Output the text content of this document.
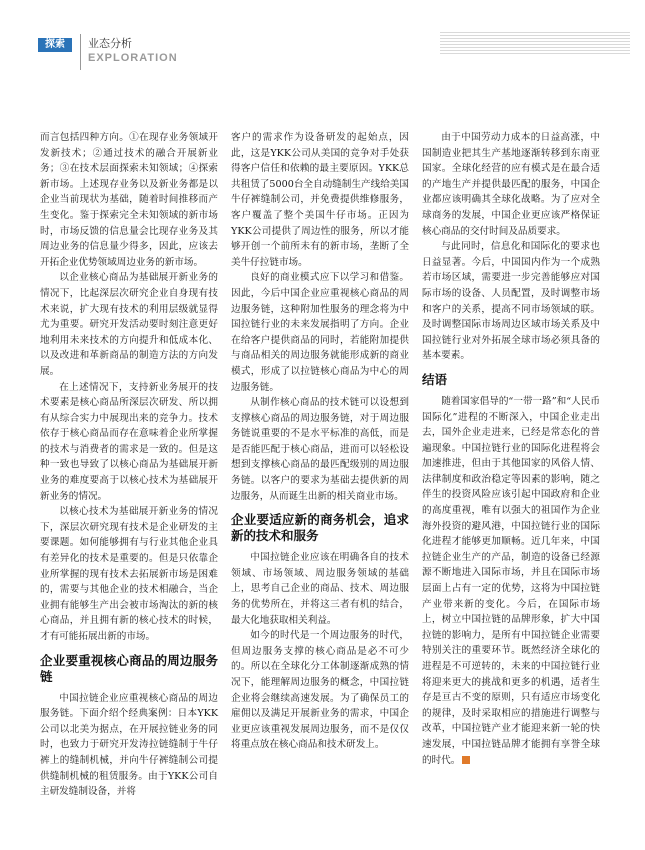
探索	业态分析
EXPLORATION

而言包括四种方向。①在现存业务领域开发新技术；②通过技术的融合开展新业务；③在技术层面探索未知领域；④探索新市场。上述现存业务以及新业务都是以企业当前现状为基础，随着时间推移而产生变化。鉴于探索完全未知领域的新市场时，市场反馈的信息量会比现存业务及其周边业务的信息量少得多，因此，应该去开拓企业优势领域周边业务的新市场。

以企业核心商品为基础展开新业务的情况下，比起深层次研究企业自身现有技术来说，扩大现有技术的利用层级就显得尤为重要。研究开发活动要时刻注意更好地利用未来技术的方向提升和低成本化、以及改进和革新商品的制造方法的方向发展。

在上述情况下，支持新业务展开的技术要素是核心商品所深层次研发、所以拥有从综合实力中展现出来的竞争力。技术依存于核心商品而存在意味着企业所掌握的技术与消费者的需求是一致的。但是这种一致也导致了以核心商品为基础展开新业务的难度要高于以核心技术为基础展开新业务的情况。

以核心技术为基础展开新业务的情况下，深层次研究现有技术是企业研发的主要课题。如何能够拥有与行业其他企业具有差异化的技术是重要的。但是只依靠企业所掌握的现有技术去拓展新市场是困难的，需要与其他企业的技术相融合，当企业拥有能够生产出会被市场淘汰的新的核心商品，并且拥有新的核心技术的时候，才有可能拓展出新的市场。

企业要重视核心商品的周边服务链

中国拉链企业应重视核心商品的周边服务链。下面介绍个经典案例：日本YKK公司以北美为据点，在开展拉链业务的同时，也致力于研究开发涛拉链缝制于牛仔裤上的缝制机械，并向牛仔裤缝制公司提供缝制机械的租赁服务。由于YKK公司自主研发缝制设备，并将

客户的需求作为设备研发的起始点，因此，这是YKK公司从美国的竞争对手处获得客户信任和依赖的最主要原因。YKK总共租赁了5000台全自动缝制生产线给美国牛仔裤缝制公司，并免费提供维修服务，客户覆盖了整个美国牛仔市场。正因为YKK公司提供了周边性的服务，所以才能够开创一个前所未有的新市场，垄断了全美牛仔拉链市场。

良好的商业模式应下以学习和借鉴。因此，今后中国企业应重视核心商品的周边服务链，这种附加性服务的理念将为中国拉链行业的未来发展指明了方向。企业在给客户提供商品的同时，若能附加提供与商品相关的周边服务就能形成新的商业模式，形成了以拉链核心商品为中心的周边服务链。

从制作核心商品的技术链可以设想到支撑核心商品的周边服务链，对于周边服务链说重要的不是水平标准的高低，而是是否能匹配于核心商品，进而可以轻松设想到支撑核心商品的最匹配级别的周边服务链。以客户的要求为基础去提供新的周边服务，从而诞生出新的相关商业市场。

企业要适应新的商务机会，追求新的技术和服务

中国拉链企业应该在明确各自的技术领域、市场领域、周边服务领域的基础上，思考自己企业的商品、技术、周边服务的优势所在，并将这三者有机的结合，最大化地获取相关利益。

如今的时代是一个周边服务的时代，但周边服务支撑的核心商品是必不可少的。所以在全球化分工体制逐渐成熟的情况下，能理解周边服务的概念，中国拉链企业将会继续高速发展。为了确保员工的雇佣以及满足开展新业务的需求，中国企业更应该重视发展周边服务，而不是仅仅将重点放在核心商品和技术研发上。

由于中国劳动力成本的日益高涨，中国制造业把其生产基地逐渐转移到东南亚国家。全球化经营的应有模式是在最合适的产地生产并提供最匹配的服务，中国企业都应该明确其全球化战略。为了应对全球商务的发展，中国企业更应该严格保证核心商品的交付时间及品质要求。

与此同时，信息化和国际化的要求也日益显著。今后，中国国内作为一个成熟若市场区域，需要进一步完善能够应对国际市场的设备、人员配置，及时调整市场和客户的关系，提高不同市场领域的联。及时调整国际市场周边区域市场关系及中国拉链行业对外拓展全球市场必须具备的基本要素。

结语

随着国家倡导的“一带一路”和“人民币国际化”进程的不断深入，中国企业走出去，国外企业走进来，已经是常态化的普遍现象。中国拉链行业的国际化进程将会加速推进，但由于其他国家的风俗人情、法律制度和政治稳定等因素的影响，随之伴生的投资风险应该引起中国政府和企业的高度重视，唯有以强大的祖国作为企业海外投资的避风港，中国拉链行业的国际化进程才能够更加顺畅。近几年来，中国拉链企业生产的产品，制造的设备已经源源不断地进入国际市场，并且在国际市场层面上占有一定的优势，这将为中国拉链产业带来新的变化。今后，在国际市场上，树立中国拉链的品牌形象，扩大中国拉链的影响力，是所有中国拉链企业需要特别关注的重要环节。既然经济全球化的进程是不可逆转的，未来的中国拉链行业将迎来更大的挑战和更多的机遇，适者生存是亘古不变的原则，只有适应市场变化的规律，及时采取相应的措施进行调整与改革，中国拉链产业才能迎来新一轮的快速发展，中国拉链品牌才能拥有享誉全球的时代。
